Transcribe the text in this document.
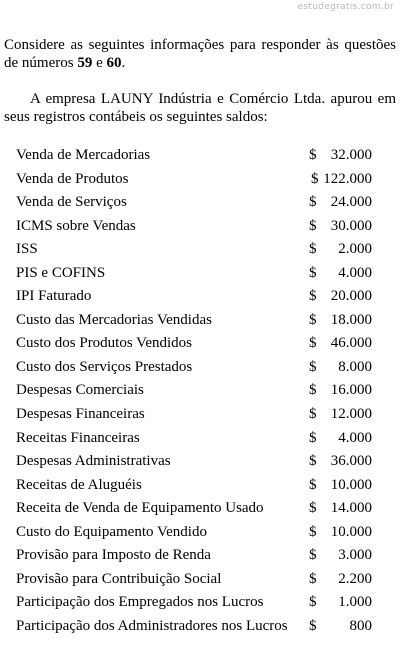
estudegratis.com.br

Considere as seguintes informações para responder às questões de números 59 e 60.

A empresa LAUNY Indústria e Comércio Ltda. apurou em seus registros contábeis os seguintes saldos:

Venda de Mercadorias	$ 32.000
Venda de Produtos	$ 122.000
Venda de Serviços	$ 24.000
ICMS sobre Vendas	$ 30.000
ISS	$ 2.000
PIS e COFINS	$ 4.000
IPI Faturado	$ 20.000
Custo das Mercadorias Vendidas	$ 18.000
Custo dos Produtos Vendidos	$ 46.000
Custo dos Serviços Prestados	$ 8.000
Despesas Comerciais	$ 16.000
Despesas Financeiras	$ 12.000
Receitas Financeiras	$ 4.000
Despesas Administrativas	$ 36.000
Receitas de Aluguéis	$ 10.000
Receita de Venda de Equipamento Usado	$ 14.000
Custo do Equipamento Vendido	$ 10.000
Provisão para Imposto de Renda	$ 3.000
Provisão para Contribuição Social	$ 2.200
Participação dos Empregados nos Lucros	$ 1.000
Participação dos Administradores nos Lucros $ 800
